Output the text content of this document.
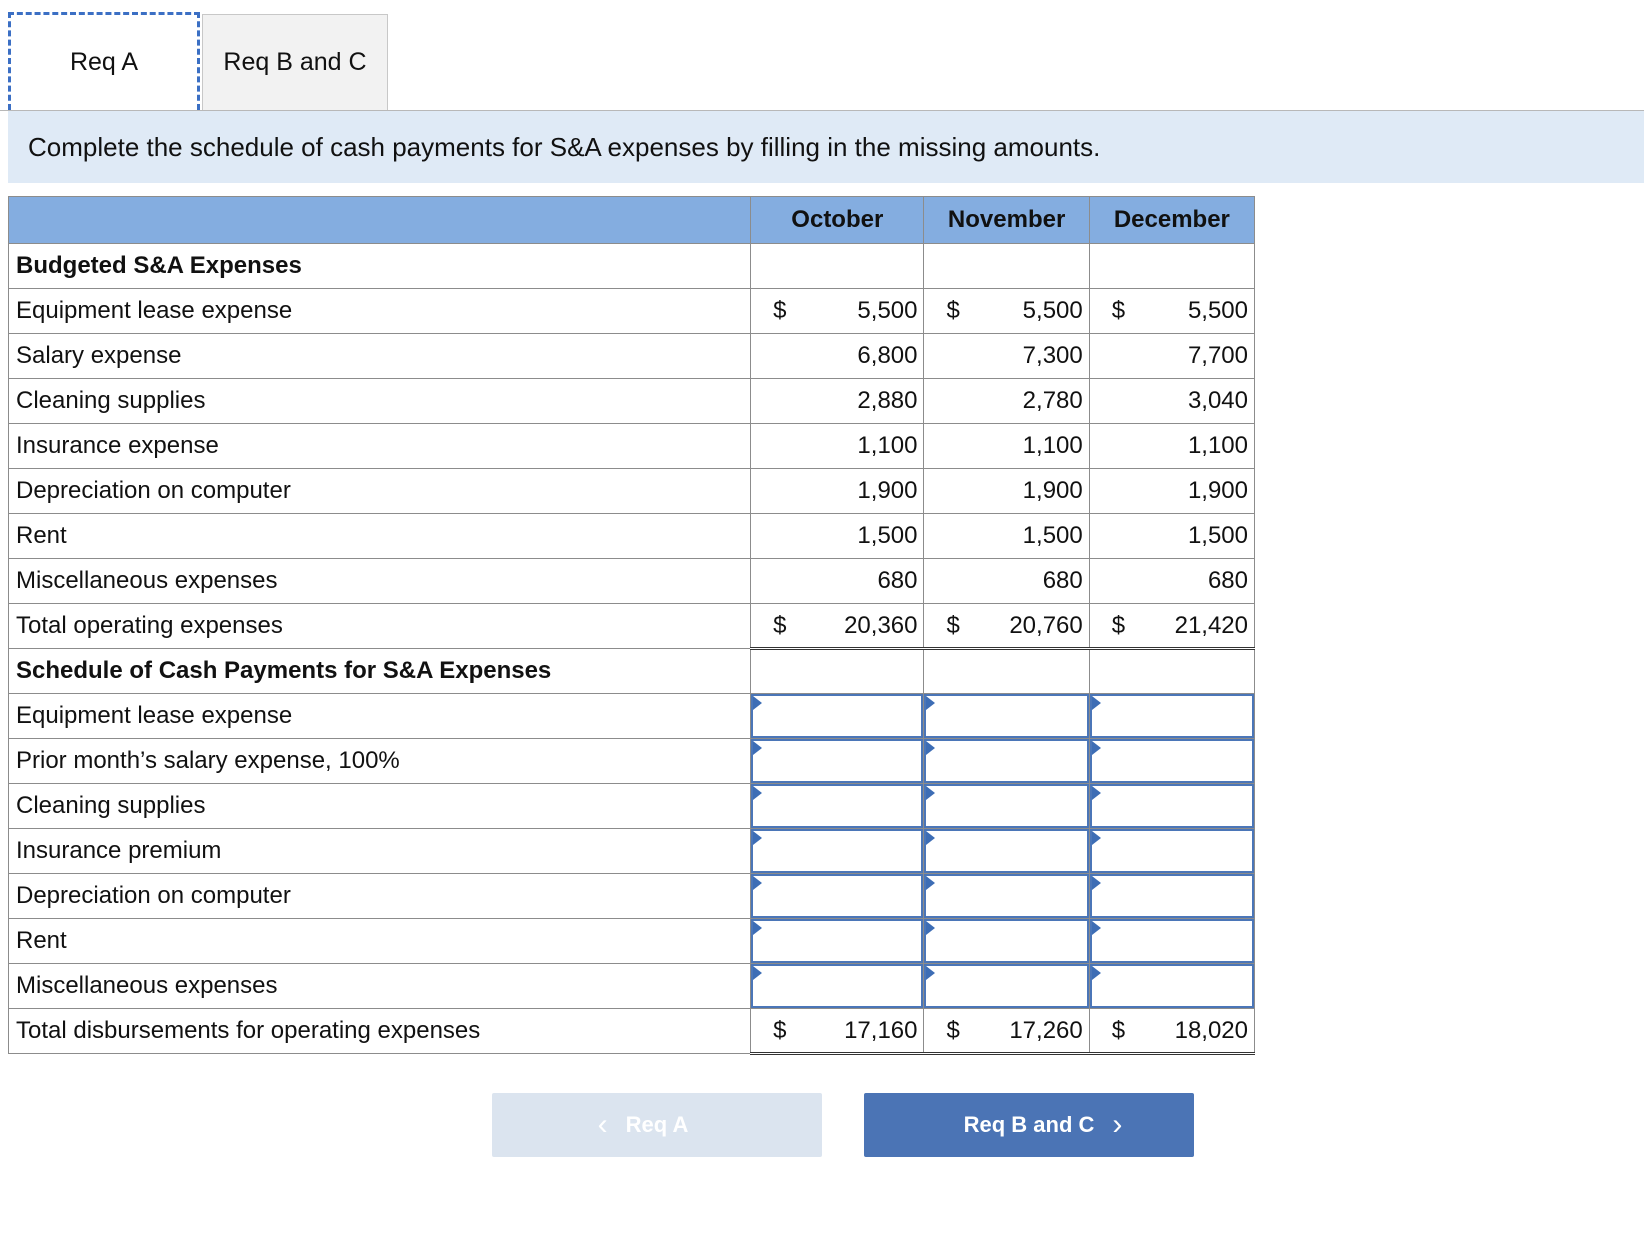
Req A	Req B and C
Complete the schedule of cash payments for S&A expenses by filling in the missing amounts.
	October	November	December
Budgeted S&A Expenses			
Equipment lease expense	$ 5,500	$ 5,500	$ 5,500

Salary expense	6,800	7,300	7,700

Cleaning supplies	2,880	2,780	3,040

Insurance expense	1,100	1,100	1,100

Depreciation on computer	1,900	1,900	1,900

Rent	1,500	1,500	1,500

Miscellaneous expenses	680	680	680

Total operating expenses	$ 20,360	$ 20,760	$ 21,420

Schedule of Cash Payments for S&A Expenses			
Equipment lease expense	

Prior month’s salary expense, 100%	

Cleaning supplies	

Insurance premium	

Depreciation on computer	

Rent	

Miscellaneous expenses	

Total disbursements for operating expenses	$ 17,160	$ 17,260	$ 18,020
‹ Req A	Req B and C ›
